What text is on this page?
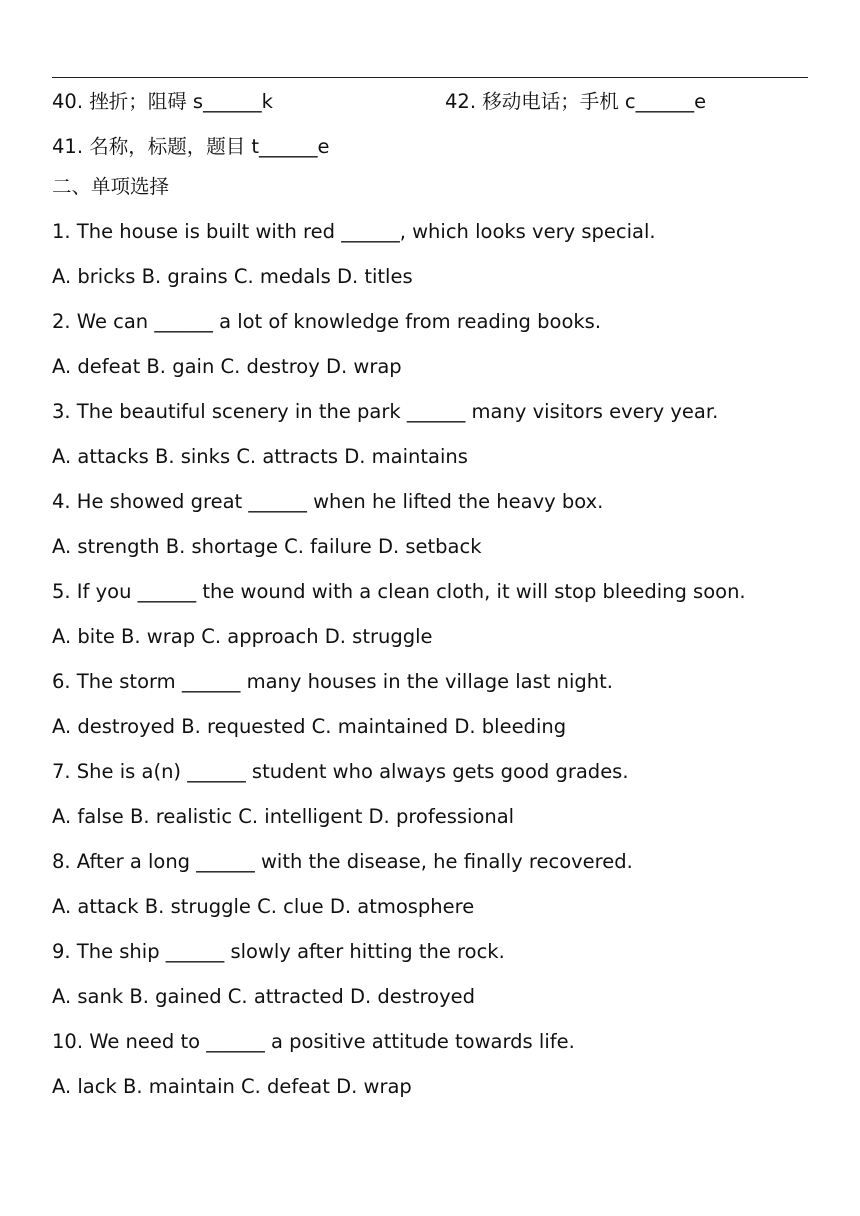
40. 挫折；阻碍 s______k	42. 移动电话；手机 c______e
41. 名称，标题，题目 t______e
二、单项选择
1. The house is built with red ______, which looks very special.
A. bricks B. grains C. medals D. titles
2. We can ______ a lot of knowledge from reading books.
A. defeat B. gain C. destroy D. wrap
3. The beautiful scenery in the park ______ many visitors every year.
A. attacks B. sinks C. attracts D. maintains
4. He showed great ______ when he lifted the heavy box.
A. strength B. shortage C. failure D. setback
5. If you ______ the wound with a clean cloth, it will stop bleeding soon.
A. bite B. wrap C. approach D. struggle
6. The storm ______ many houses in the village last night.
A. destroyed B. requested C. maintained D. bleeding
7. She is a(n) ______ student who always gets good grades.
A. false B. realistic C. intelligent D. professional
8. After a long ______ with the disease, he finally recovered.
A. attack B. struggle C. clue D. atmosphere
9. The ship ______ slowly after hitting the rock.
A. sank B. gained C. attracted D. destroyed
10. We need to ______ a positive attitude towards life.
A. lack B. maintain C. defeat D. wrap
